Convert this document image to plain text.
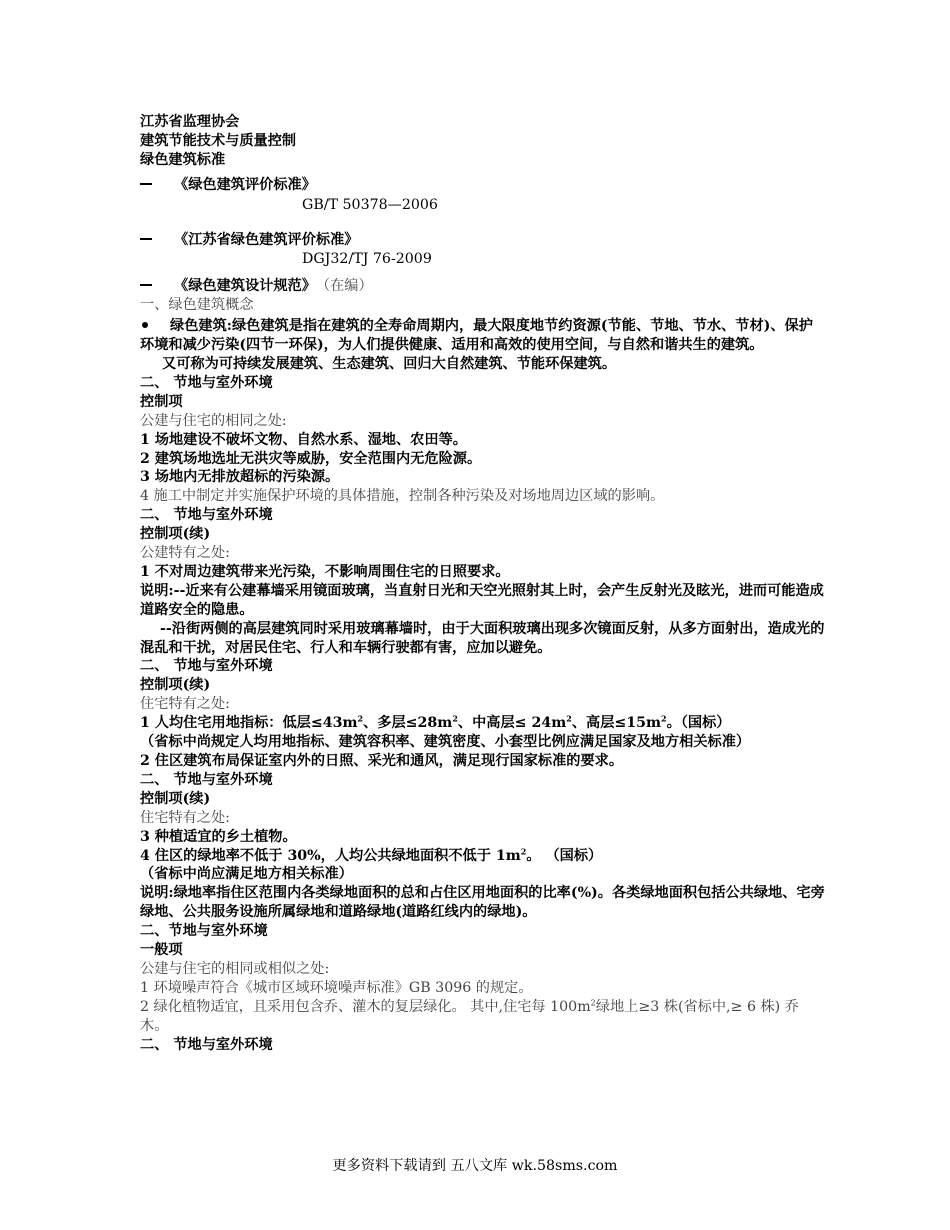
江苏省监理协会
建筑节能技术与质量控制
绿色建筑标准
《绿色建筑评价标准》
GB/T 50378—2006
《江苏省绿色建筑评价标准》
DGJ32/TJ 76-2009
《绿色建筑设计规范》 （在编）
一、绿色建筑概念
绿色建筑:绿色建筑是指在建筑的全寿命周期内，最大限度地节约资源(节能、节地、节水、节材)、保护环境和减少污染(四节一环保)，为人们提供健康、适用和高效的使用空间，与自然和谐共生的建筑。
又可称为可持续发展建筑、生态建筑、回归大自然建筑、节能环保建筑。
二、 节地与室外环境
控制项
公建与住宅的相同之处:
1 场地建设不破坏文物、自然水系、湿地、农田等。
2 建筑场地选址无洪灾等威胁，安全范围内无危险源。
3 场地内无排放超标的污染源。
4 施工中制定并实施保护环境的具体措施，控制各种污染及对场地周边区域的影响。
二、 节地与室外环境
控制项(续)
公建特有之处:
1 不对周边建筑带来光污染，不影响周围住宅的日照要求。
说明:--近来有公建幕墙采用镜面玻璃，当直射日光和天空光照射其上时，会产生反射光及眩光，进而可能造成道路安全的隐患。
--沿街两侧的高层建筑同时采用玻璃幕墙时，由于大面积玻璃出现多次镜面反射，从多方面射出，造成光的混乱和干扰，对居民住宅、行人和车辆行驶都有害，应加以避免。
二、 节地与室外环境
控制项(续)
住宅特有之处:
1 人均住宅用地指标：低层$\le 43m^2$、多层$\le 28m^2$、中高层≤ $24m^2$、高层$\le 15m^2$。（国标）
（省标中尚规定人均用地指标、建筑容积率、建筑密度、小套型比例应满足国家及地方相关标准）
2 住区建筑布局保证室内外的日照、采光和通风，满足现行国家标准的要求。
二、 节地与室外环境
控制项(续)
住宅特有之处:
3 种植适宜的乡土植物。
4 住区的绿地率不低于 30%，人均公共绿地面积不低于 $1m^2$。 （国标）
（省标中尚应满足地方相关标准）
说明:绿地率指住区范围内各类绿地面积的总和占住区用地面积的比率(%)。各类绿地面积包括公共绿地、宅旁绿地、公共服务设施所属绿地和道路绿地(道路红线内的绿地)。
二、节地与室外环境
一般项
公建与住宅的相同或相似之处:
1 环境噪声符合《城市区域环境噪声标准》GB 3096 的规定。
2 绿化植物适宜，且采用包含乔、灌木的复层绿化。 其中,住宅每 $100m^2$绿地上≥3 株(省标中,≥ 6 株) 乔木。
二、 节地与室外环境
更多资料下载请到 五八文库 wk.58sms.com
